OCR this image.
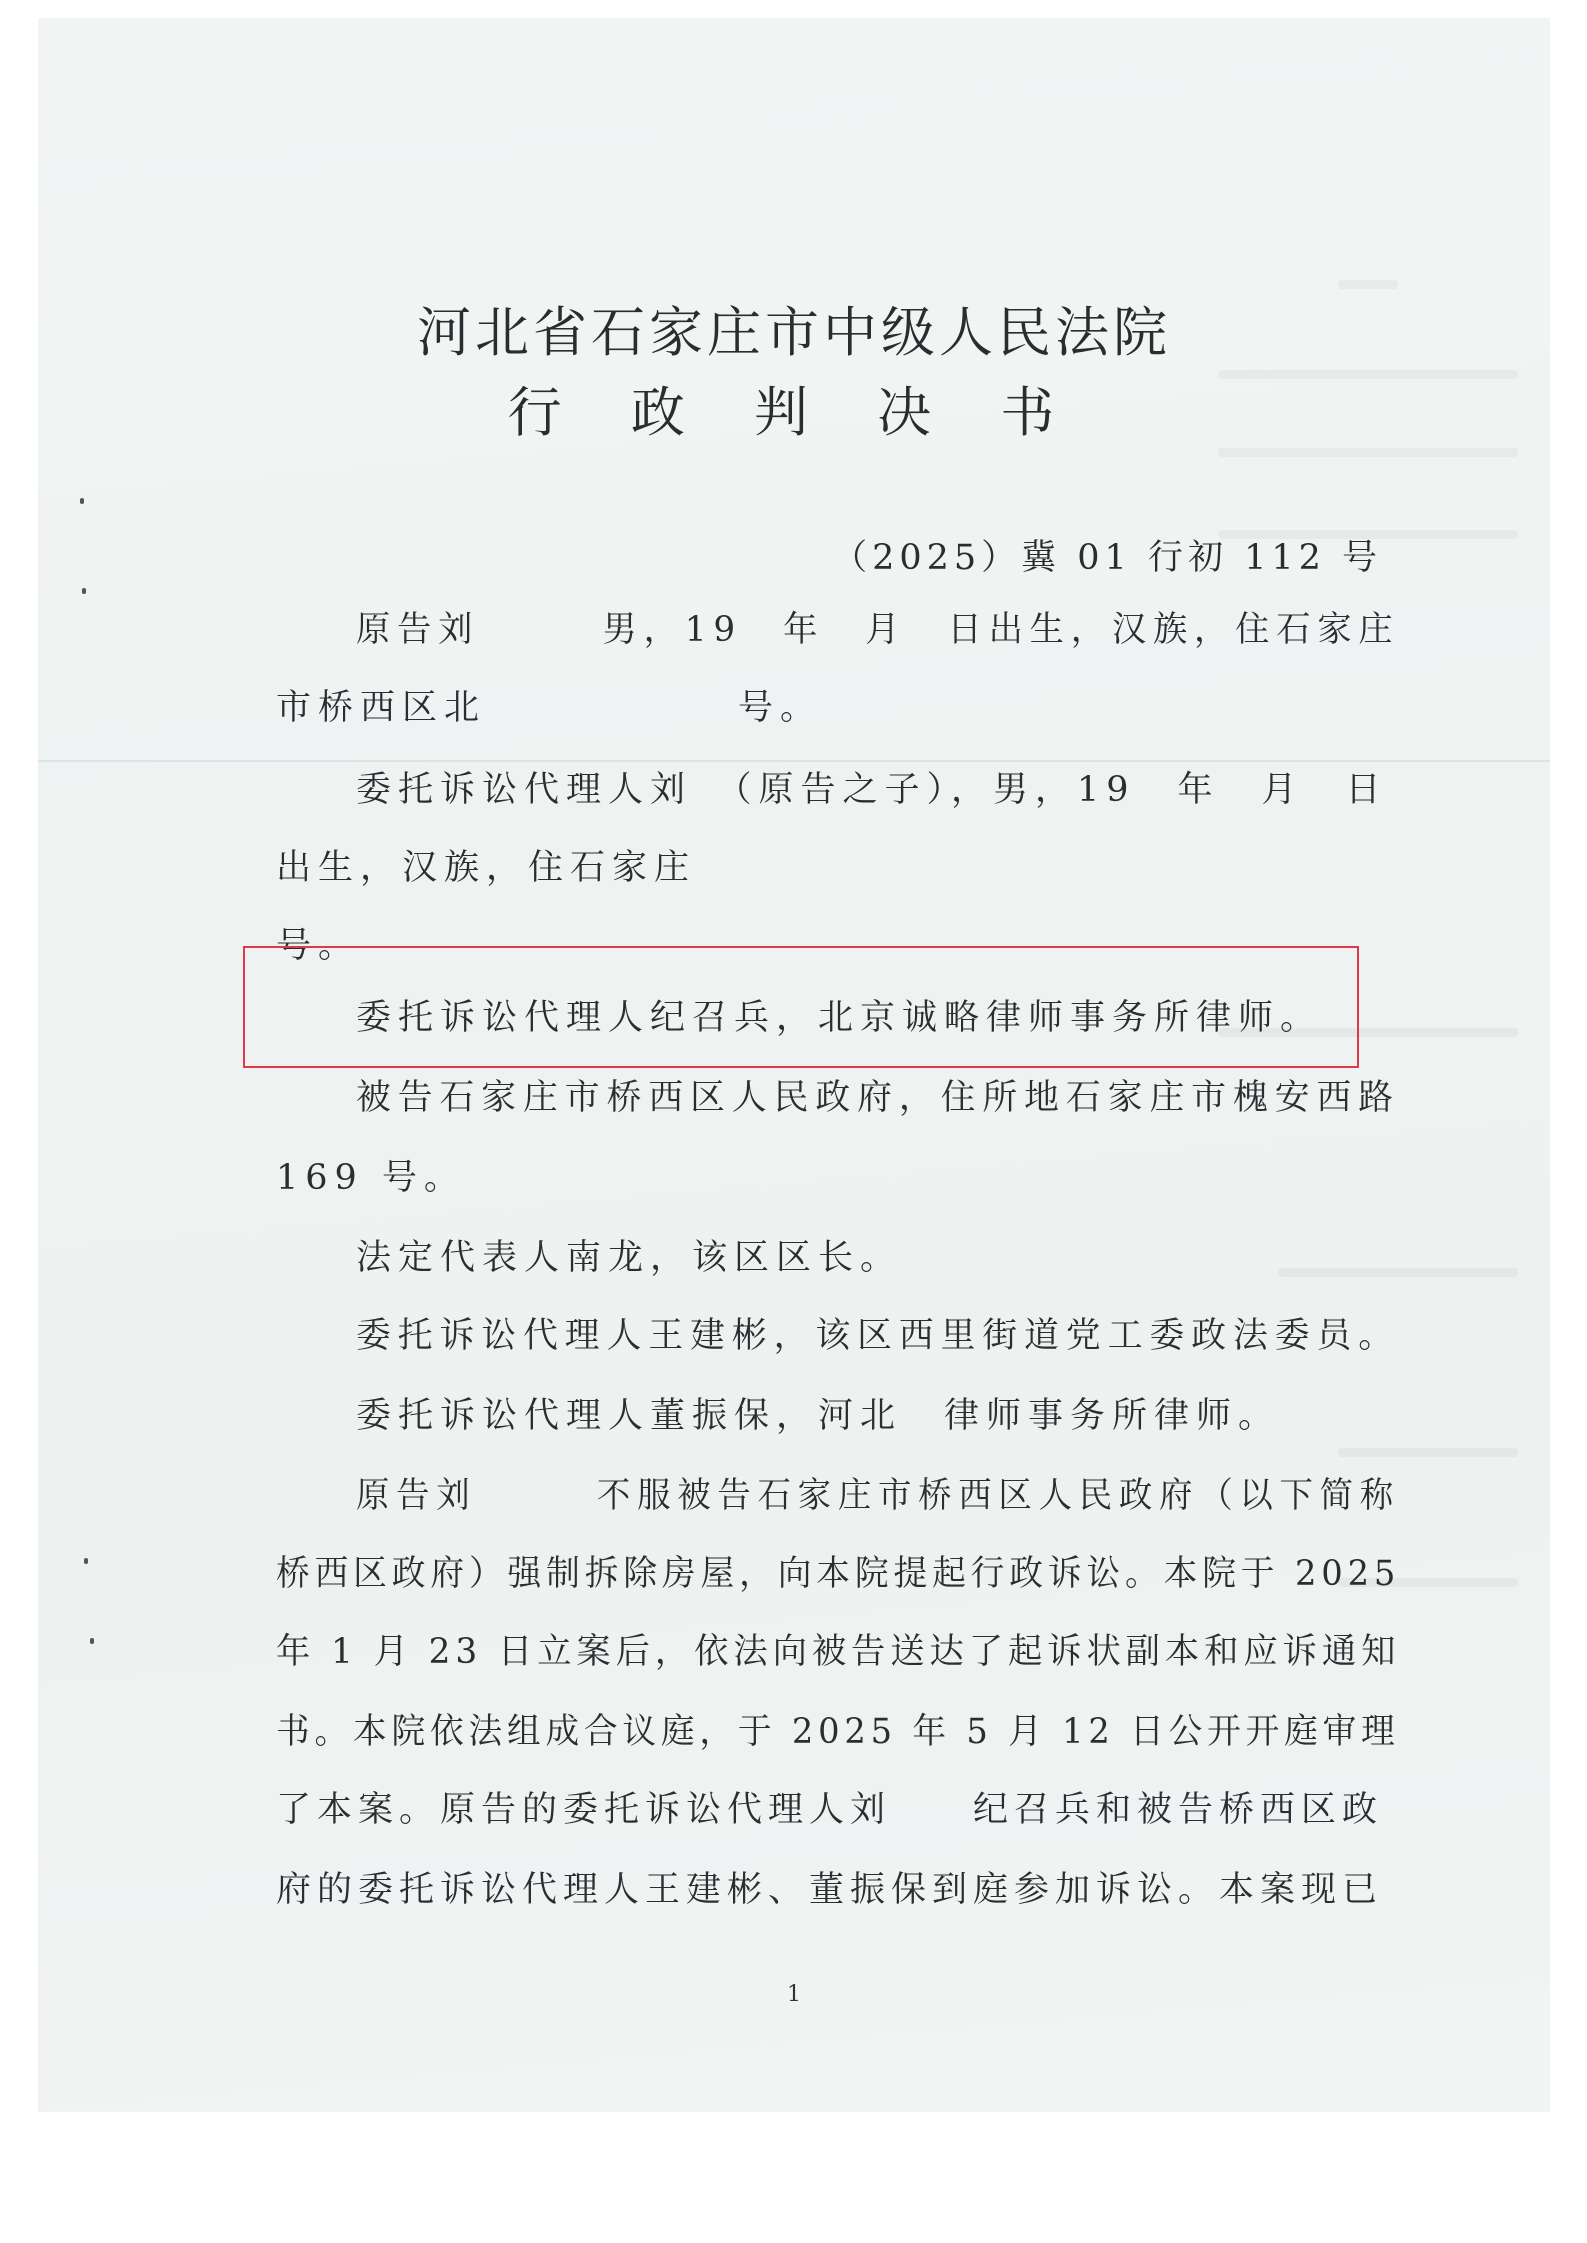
河北省石家庄市中级人民法院
行 政 判 决 书
（2025）冀 01 行初 112 号
原告刘　　　男，19　年　月　日出生，汉族，住石家庄
市桥西区北　　　　　　号。
委托诉讼代理人刘　（原告之子），男，19　年　月　日
出生，汉族，住石家庄
号。
委托诉讼代理人纪召兵，北京诚略律师事务所律师。
被告石家庄市桥西区人民政府，住所地石家庄市槐安西路
169 号。
法定代表人南龙，该区区长。
委托诉讼代理人王建彬，该区西里街道党工委政法委员。
委托诉讼代理人董振保，河北　律师事务所律师。
原告刘　　　不服被告石家庄市桥西区人民政府（以下简称
桥西区政府）强制拆除房屋，向本院提起行政诉讼。本院于 2025
年 1 月 23 日立案后，依法向被告送达了起诉状副本和应诉通知
书。本院依法组成合议庭，于 2025 年 5 月 12 日公开开庭审理
了本案。原告的委托诉讼代理人刘　　纪召兵和被告桥西区政
府的委托诉讼代理人王建彬、董振保到庭参加诉讼。本案现已
1
